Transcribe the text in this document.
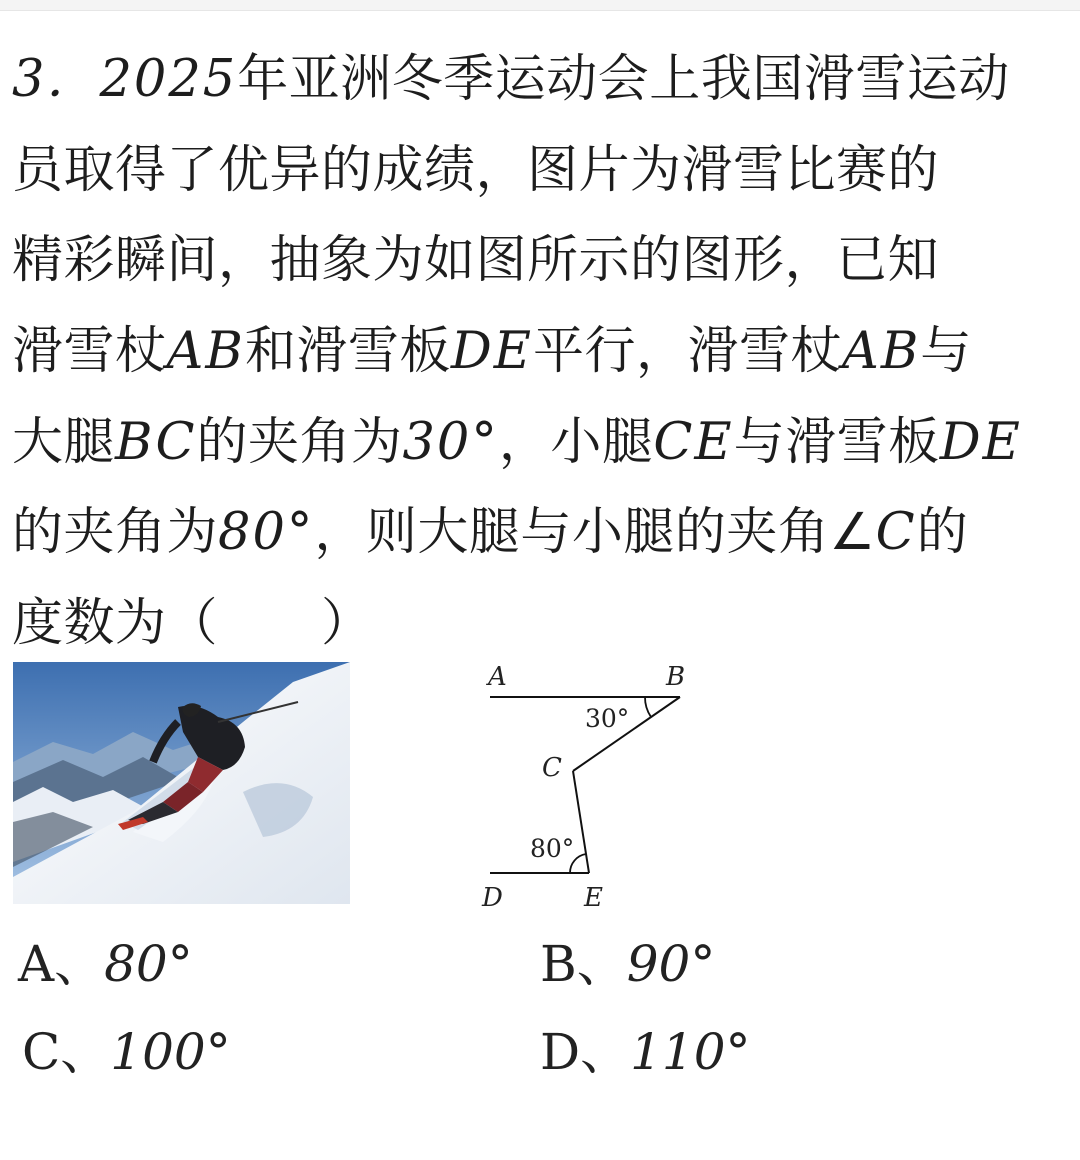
3．2025年亚洲冬季运动会上我国滑雪运动
员取得了优异的成绩，图片为滑雪比赛的
精彩瞬间，抽象为如图所示的图形，已知
滑雪杖AB和滑雪板DE平行，滑雪杖AB与
大腿BC的夹角为30°，小腿CE与滑雪板DE
的夹角为80°，则大腿与小腿的夹角∠C的
度数为（　　）
A	B
C
D	E
30°
80°
A、80°	B、90°
C、100°	D、110°
